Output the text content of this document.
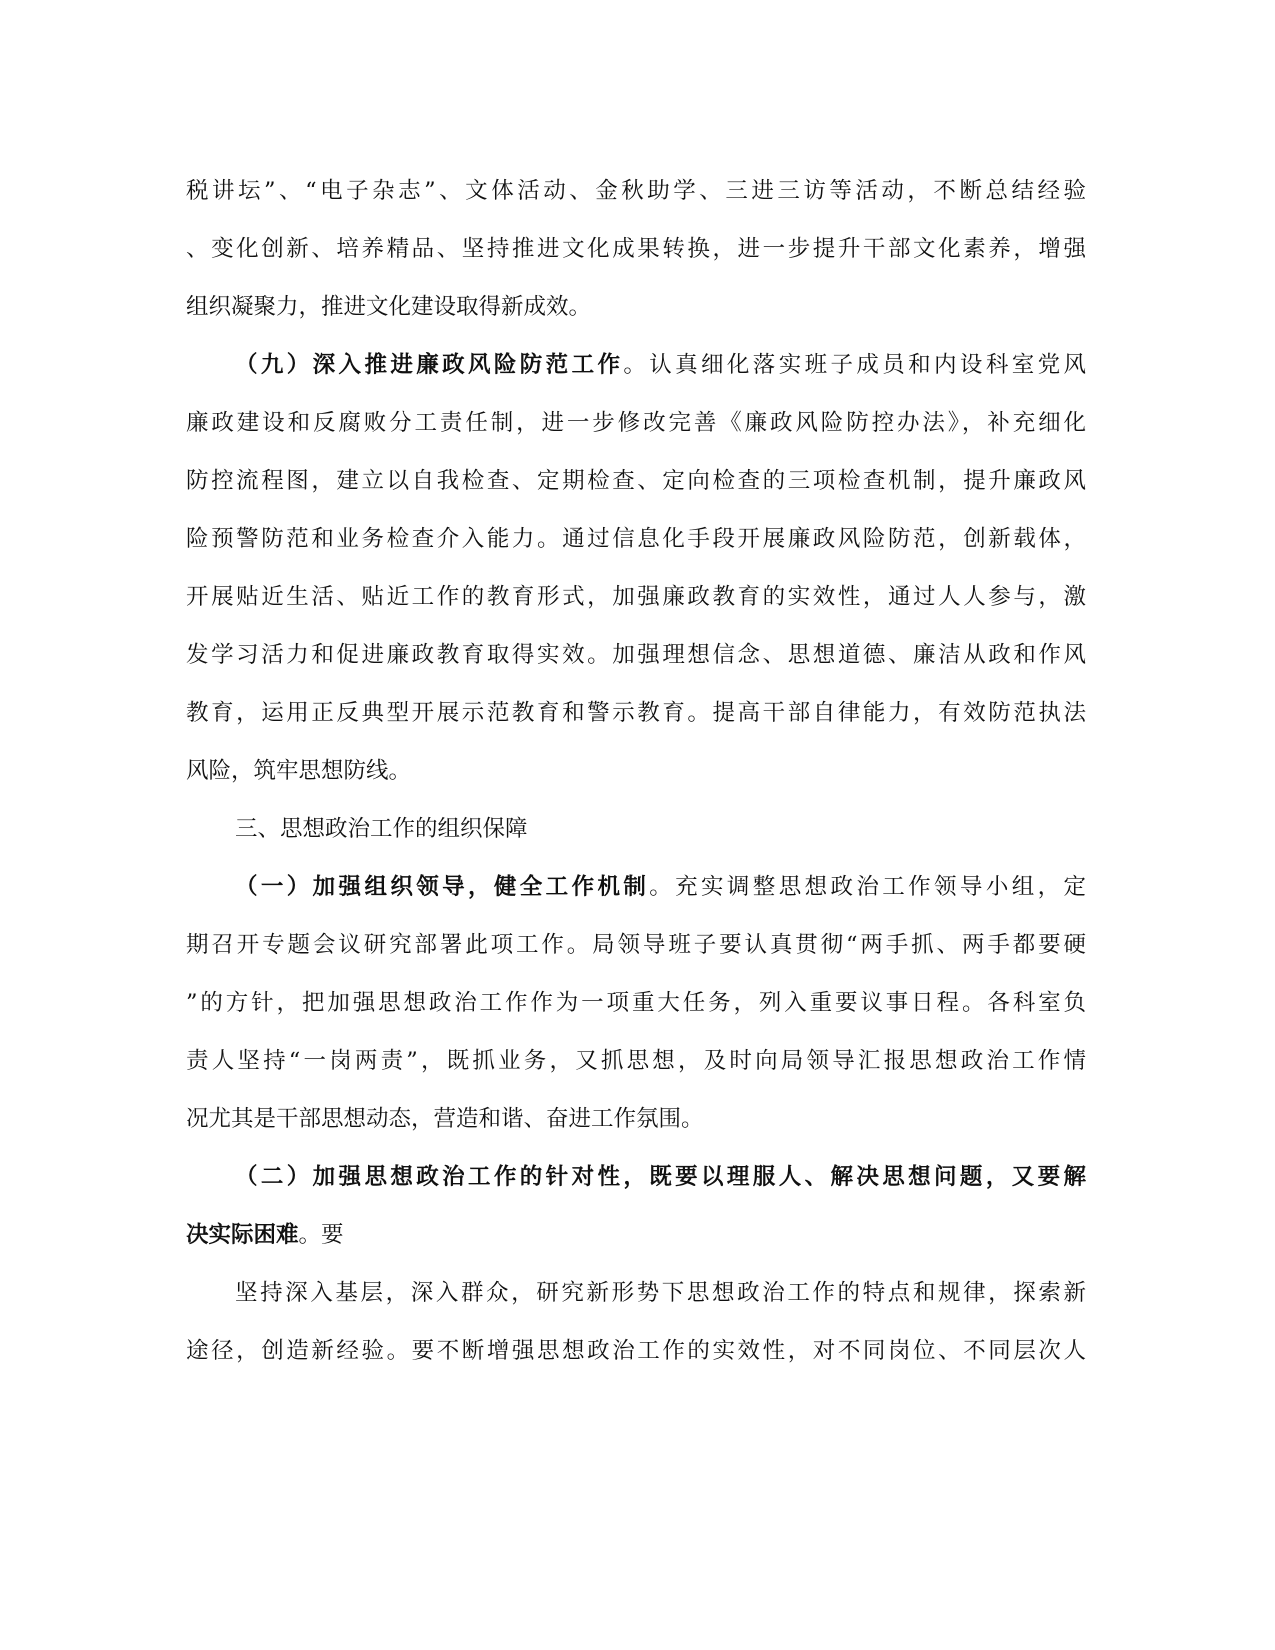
税讲坛”、“电子杂志”、文体活动、金秋助学、三进三访等活动，不断总结经验
、变化创新、培养精品、坚持推进文化成果转换，进一步提升干部文化素养，增强
组织凝聚力，推进文化建设取得新成效。
（九）深入推进廉政风险防范工作。认真细化落实班子成员和内设科室党风
廉政建设和反腐败分工责任制，进一步修改完善《廉政风险防控办法》，补充细化
防控流程图，建立以自我检查、定期检查、定向检查的三项检查机制，提升廉政风
险预警防范和业务检查介入能力。通过信息化手段开展廉政风险防范，创新载体，
开展贴近生活、贴近工作的教育形式，加强廉政教育的实效性，通过人人参与，激
发学习活力和促进廉政教育取得实效。加强理想信念、思想道德、廉洁从政和作风
教育，运用正反典型开展示范教育和警示教育。提高干部自律能力，有效防范执法
风险，筑牢思想防线。
三、思想政治工作的组织保障
（一）加强组织领导，健全工作机制。充实调整思想政治工作领导小组，定
期召开专题会议研究部署此项工作。局领导班子要认真贯彻“两手抓、两手都要硬
”的方针，把加强思想政治工作作为一项重大任务，列入重要议事日程。各科室负
责人坚持“一岗两责”，既抓业务，又抓思想，及时向局领导汇报思想政治工作情
况尤其是干部思想动态，营造和谐、奋进工作氛围。
（二）加强思想政治工作的针对性，既要以理服人、解决思想问题，又要解
决实际困难。要
坚持深入基层，深入群众，研究新形势下思想政治工作的特点和规律，探索新
途径，创造新经验。要不断增强思想政治工作的实效性，对不同岗位、不同层次人
